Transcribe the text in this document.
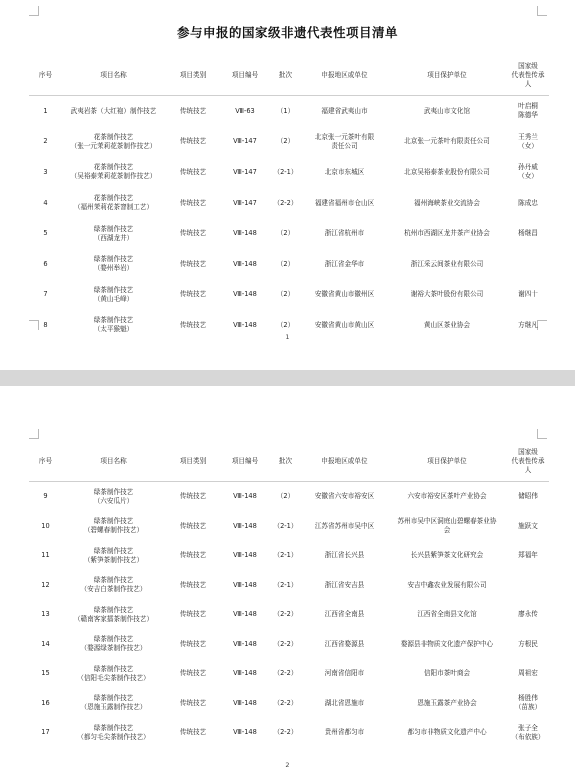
参与申报的国家级非遗代表性项目清单
序号	项目名称	项目类别	项目编号	批次	申报地区或单位	项目保护单位	国家级
代表性传承
人

1	武夷岩茶（大红袍）制作技艺	传统技艺	Ⅷ-63	（1）	福建省武夷山市	武夷山市文化馆	叶启桐
陈德华

2	花茶制作技艺
（张一元茉莉花茶制作技艺）	传统技艺	Ⅷ-147	（2）	北京张一元茶叶有限
责任公司	北京张一元茶叶有限责任公司	王秀兰
（女）

3	花茶制作技艺
（吴裕泰茉莉花茶制作技艺）	传统技艺	Ⅷ-147	（2-1）	北京市东城区	北京吴裕泰茶业股份有限公司	孙丹威
（女）

4	花茶制作技艺
（福州茉莉花茶窨制工艺）	传统技艺	Ⅷ-147	（2-2）	福建省福州市仓山区	福州海峡茶业交流协会	陈成忠

5	绿茶制作技艺
（西湖龙井）	传统技艺	Ⅷ-148	（2）	浙江省杭州市	杭州市西湖区龙井茶产业协会	杨继昌

6	绿茶制作技艺
（婺州举岩）	传统技艺	Ⅷ-148	（2）	浙江省金华市	浙江采云间茶业有限公司	

7	绿茶制作技艺
（黄山毛峰）	传统技艺	Ⅷ-148	（2）	安徽省黄山市徽州区	谢裕大茶叶股份有限公司	谢四十

8	绿茶制作技艺
（太平猴魁）	传统技艺	Ⅷ-148	（2）	安徽省黄山市黄山区	黄山区茶业协会	方继凡
1
序号	项目名称	项目类别	项目编号	批次	申报地区或单位	项目保护单位	国家级
代表性传承
人

9	绿茶制作技艺
（六安瓜片）	传统技艺	Ⅷ-148	（2）	安徽省六安市裕安区	六安市裕安区茶叶产业协会	储昭伟

10	绿茶制作技艺
（碧螺春制作技艺）	传统技艺	Ⅷ-148	（2-1）	江苏省苏州市吴中区	苏州市吴中区洞庭山碧螺春茶业协
会	施跃文

11	绿茶制作技艺
（紫笋茶制作技艺）	传统技艺	Ⅷ-148	（2-1）	浙江省长兴县	长兴县紫笋茶文化研究会	郑福年

12	绿茶制作技艺
（安吉白茶制作技艺）	传统技艺	Ⅷ-148	（2-1）	浙江省安吉县	安吉中鑫农业发展有限公司	

13	绿茶制作技艺
（赣南客家擂茶制作技艺）	传统技艺	Ⅷ-148	（2-2）	江西省全南县	江西省全南县文化馆	廖永传

14	绿茶制作技艺
（婺源绿茶制作技艺）	传统技艺	Ⅷ-148	（2-2）	江西省婺源县	婺源县非物质文化遗产保护中心	方根民

15	绿茶制作技艺
（信阳毛尖茶制作技艺）	传统技艺	Ⅷ-148	（2-2）	河南省信阳市	信阳市茶叶商会	周祖宏

16	绿茶制作技艺
（恩施玉露制作技艺）	传统技艺	Ⅷ-148	（2-2）	湖北省恩施市	恩施玉露茶产业协会	杨胜伟
（苗族）

17	绿茶制作技艺
（都匀毛尖茶制作技艺）	传统技艺	Ⅷ-148	（2-2）	贵州省都匀市	都匀市非物质文化遗产中心	张子全
（布依族）
2
